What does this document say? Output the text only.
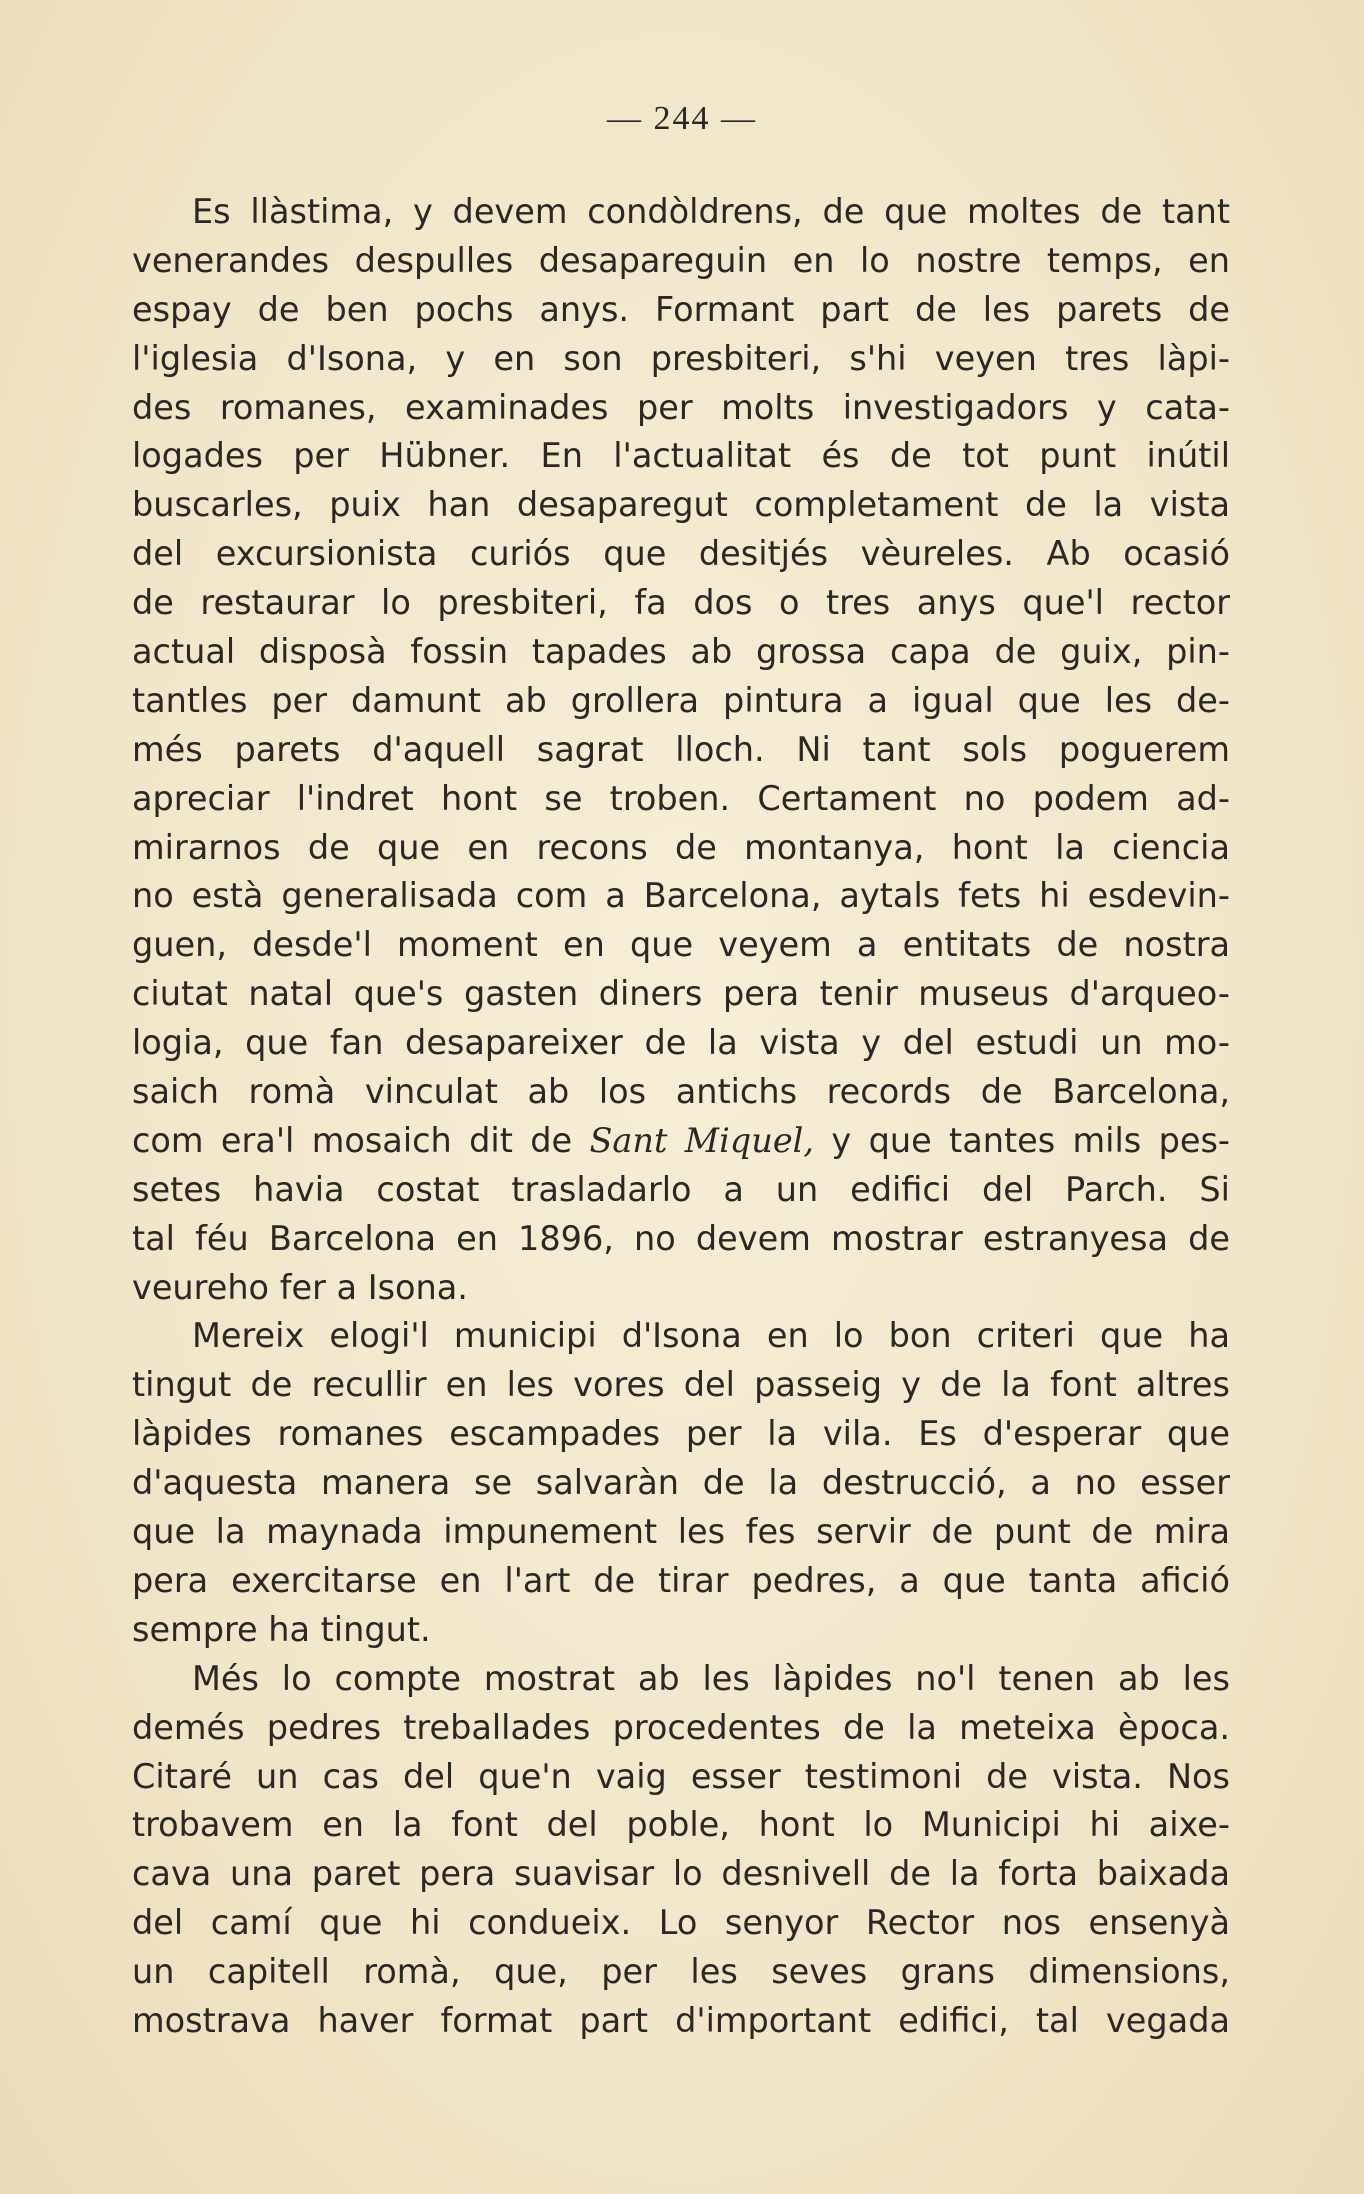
— 244 —
Es llàstima, y devem condòldrens, de que moltes de tant
venerandes despulles desapareguin en lo nostre temps, en
espay de ben pochs anys. Formant part de les parets de
l'iglesia d'Isona, y en son presbiteri, s'hi veyen tres làpi-
des romanes, examinades per molts investigadors y cata-
logades per Hübner. En l'actualitat és de tot punt inútil
buscarles, puix han desaparegut completament de la vista
del excursionista curiós que desitjés vèureles. Ab ocasió
de restaurar lo presbiteri, fa dos o tres anys que'l rector
actual disposà fossin tapades ab grossa capa de guix, pin-
tantles per damunt ab grollera pintura a igual que les de-
més parets d'aquell sagrat lloch. Ni tant sols poguerem
apreciar l'indret hont se troben. Certament no podem ad-
mirarnos de que en recons de montanya, hont la ciencia
no està generalisada com a Barcelona, aytals fets hi esdevin-
guen, desde'l moment en que veyem a entitats de nostra
ciutat natal que's gasten diners pera tenir museus d'arqueo-
logia, que fan desapareixer de la vista y del estudi un mo-
saich romà vinculat ab los antichs records de Barcelona,
com era'l mosaich dit de Sant Miquel, y que tantes mils pes-
setes havia costat trasladarlo a un edifici del Parch. Si
tal féu Barcelona en 1896, no devem mostrar estranyesa de
veureho fer a Isona.
Mereix elogi'l municipi d'Isona en lo bon criteri que ha
tingut de recullir en les vores del passeig y de la font altres
làpides romanes escampades per la vila. Es d'esperar que
d'aquesta manera se salvaràn de la destrucció, a no esser
que la maynada impunement les fes servir de punt de mira
pera exercitarse en l'art de tirar pedres, a que tanta afició
sempre ha tingut.
Més lo compte mostrat ab les làpides no'l tenen ab les
demés pedres treballades procedentes de la meteixa època.
Citaré un cas del que'n vaig esser testimoni de vista. Nos
trobavem en la font del poble, hont lo Municipi hi aixe-
cava una paret pera suavisar lo desnivell de la forta baixada
del camí que hi condueix. Lo senyor Rector nos ensenyà
un capitell romà, que, per les seves grans dimensions,
mostrava haver format part d'important edifici, tal vegada
